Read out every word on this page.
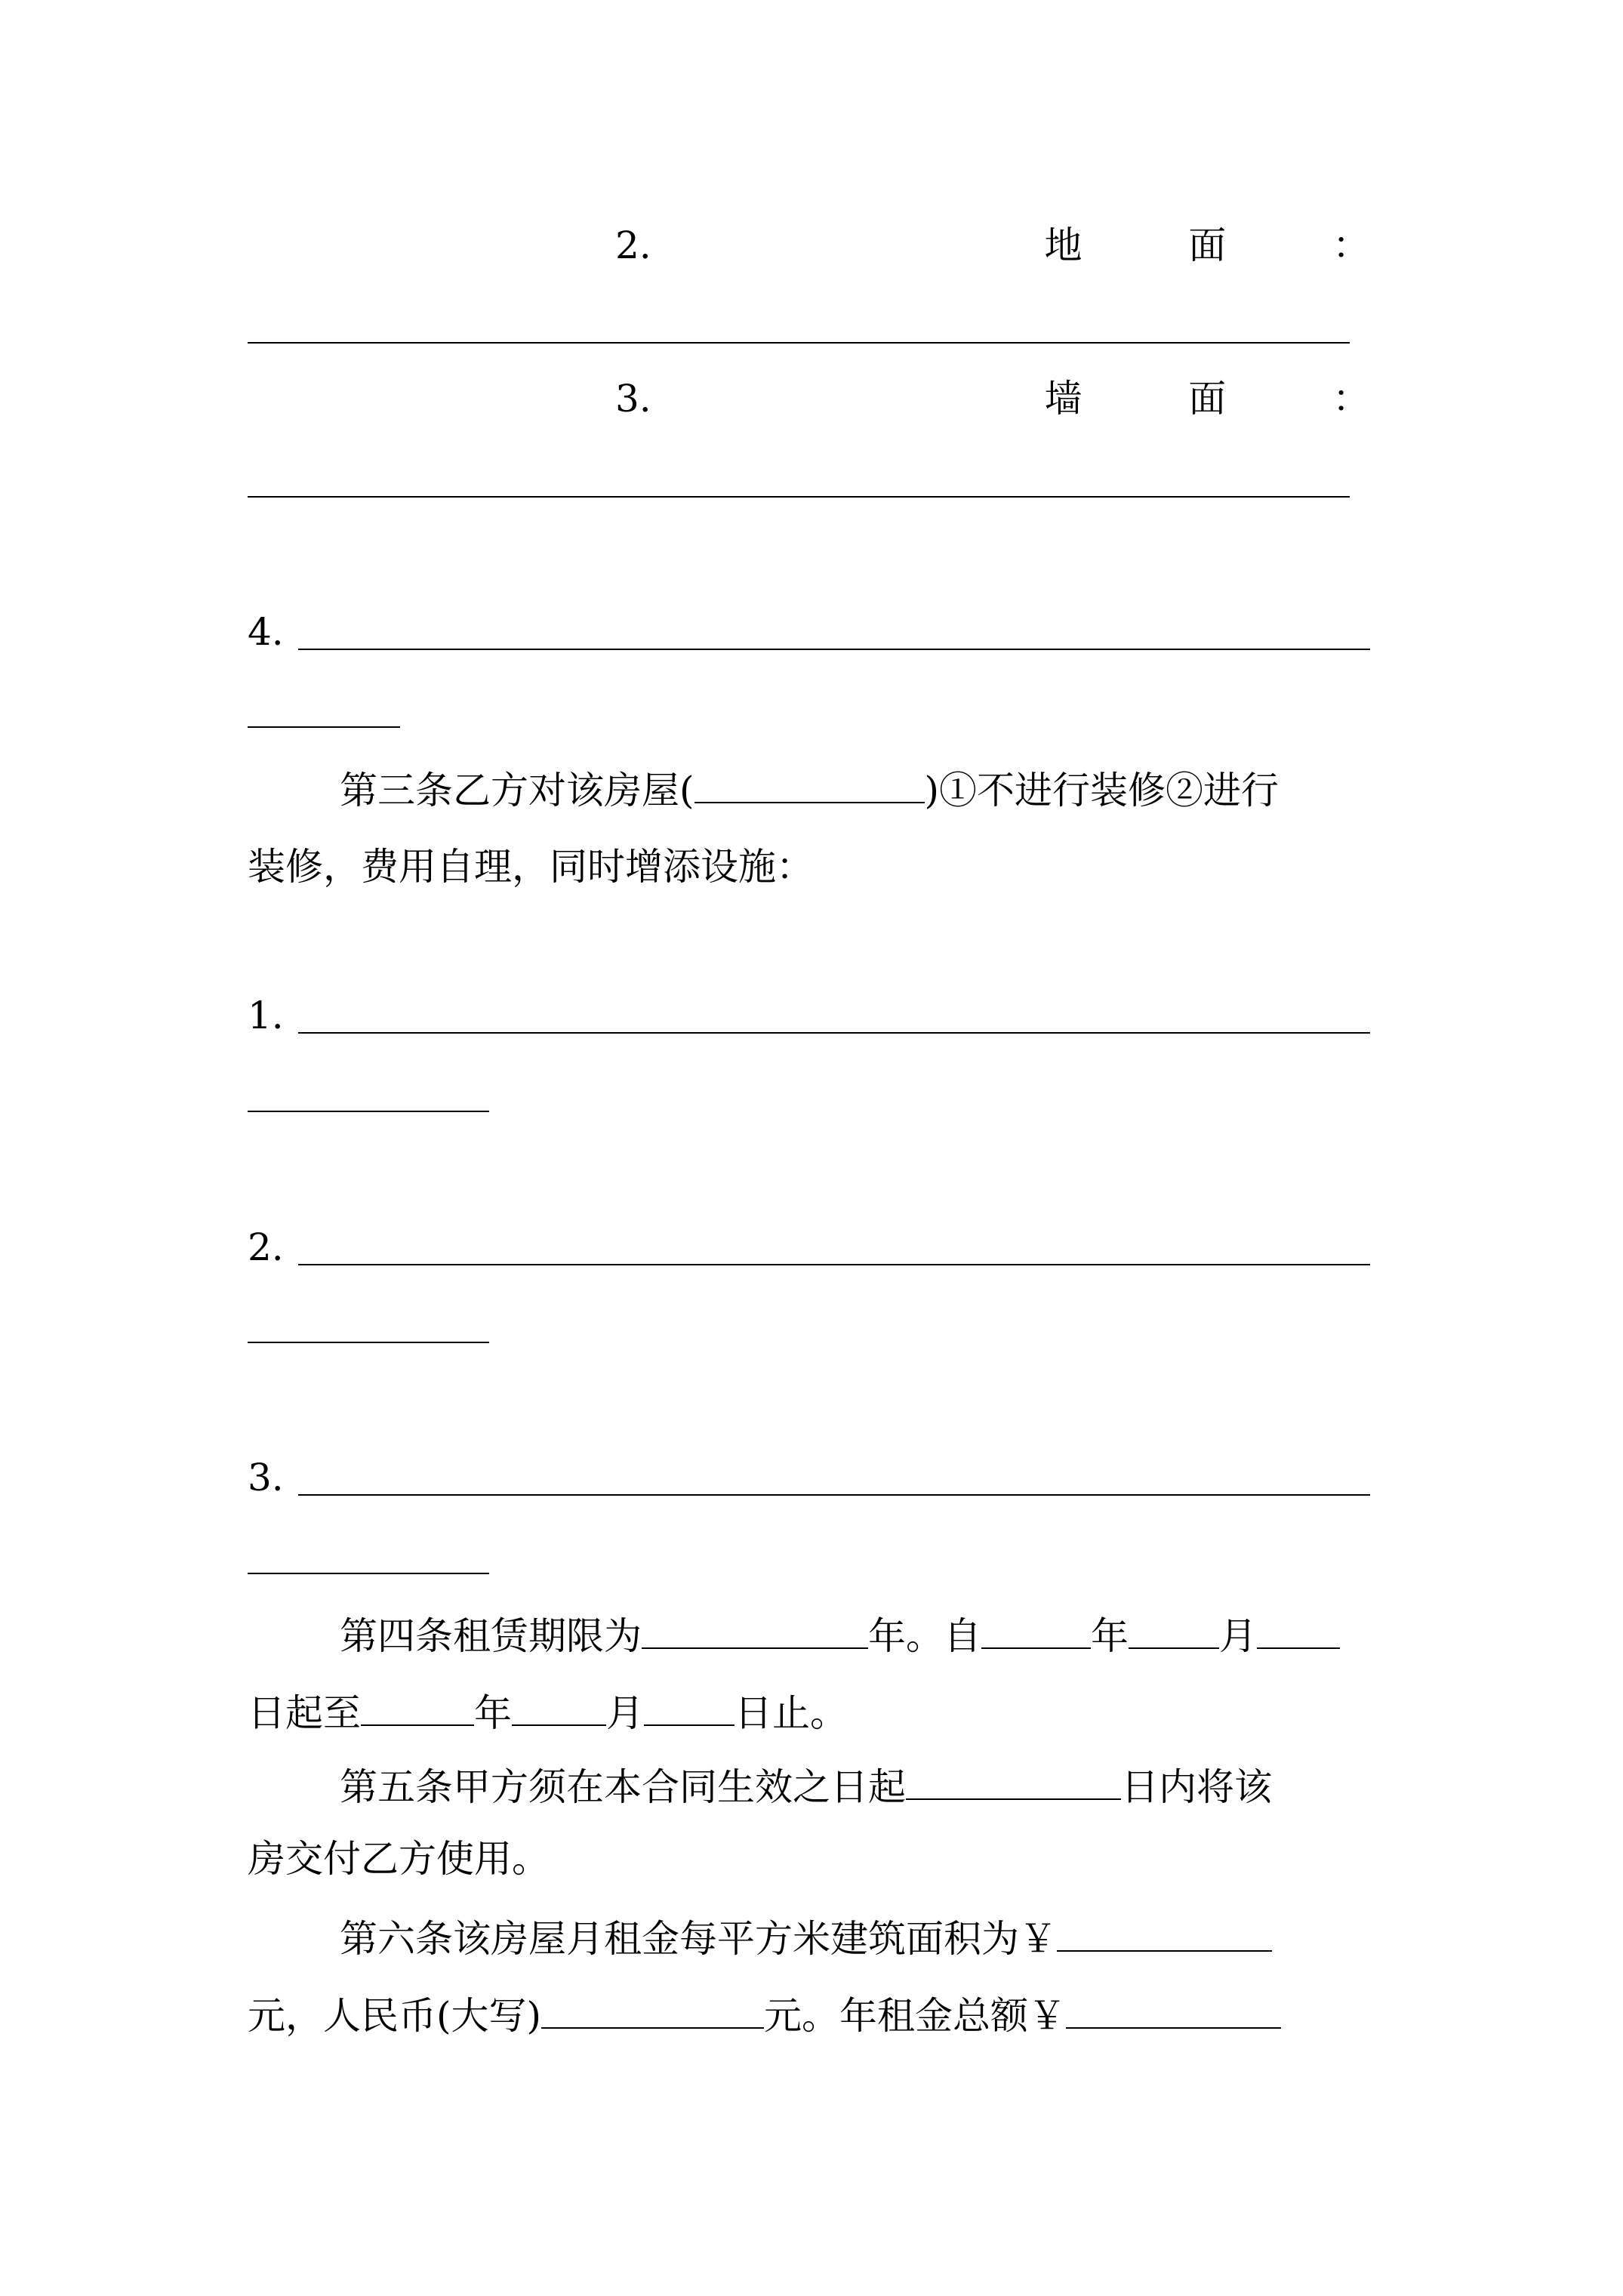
2.	地	面	：
3.	墙	面	：
4.
第三条乙方对该房屋(	)①不进行装修②进行
装修，费用自理，同时增添设施：
1.
2.
3.
第四条租赁期限为	年。自	年 月
日起至	年	月 日止。
第五条甲方须在本合同生效之日起	日内将该
房交付乙方使用。
第六条该房屋月租金每平方米建筑面积为￥
元，人民币(大写)	元。年租金总额￥
